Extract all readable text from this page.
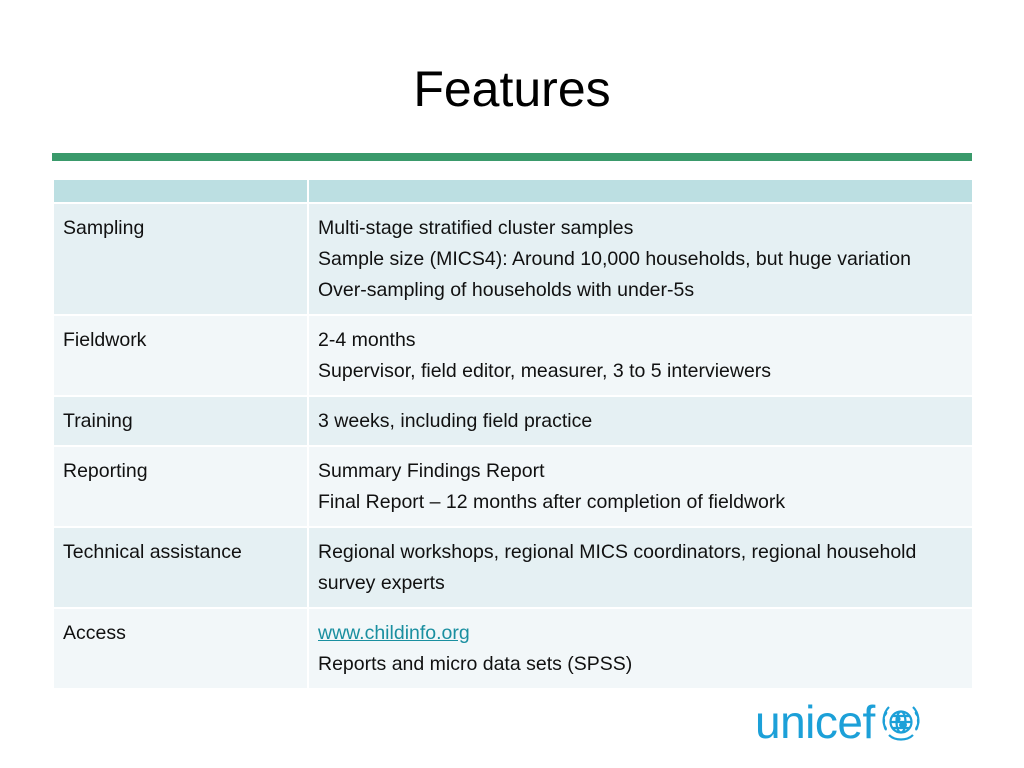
Features

Sampling	Multi-stage stratified cluster samples
Sample size (MICS4): Around 10,000 households, but huge variation
Over-sampling of households with under-5s

Fieldwork	2-4 months
Supervisor, field editor, measurer, 3 to 5 interviewers

Training	3 weeks, including field practice

Reporting	Summary Findings Report
Final Report – 12 months after completion of fieldwork

Technical assistance	Regional workshops, regional MICS coordinators, regional household survey experts

Access	www.childinfo.org
Reports and micro data sets (SPSS)
unicef
